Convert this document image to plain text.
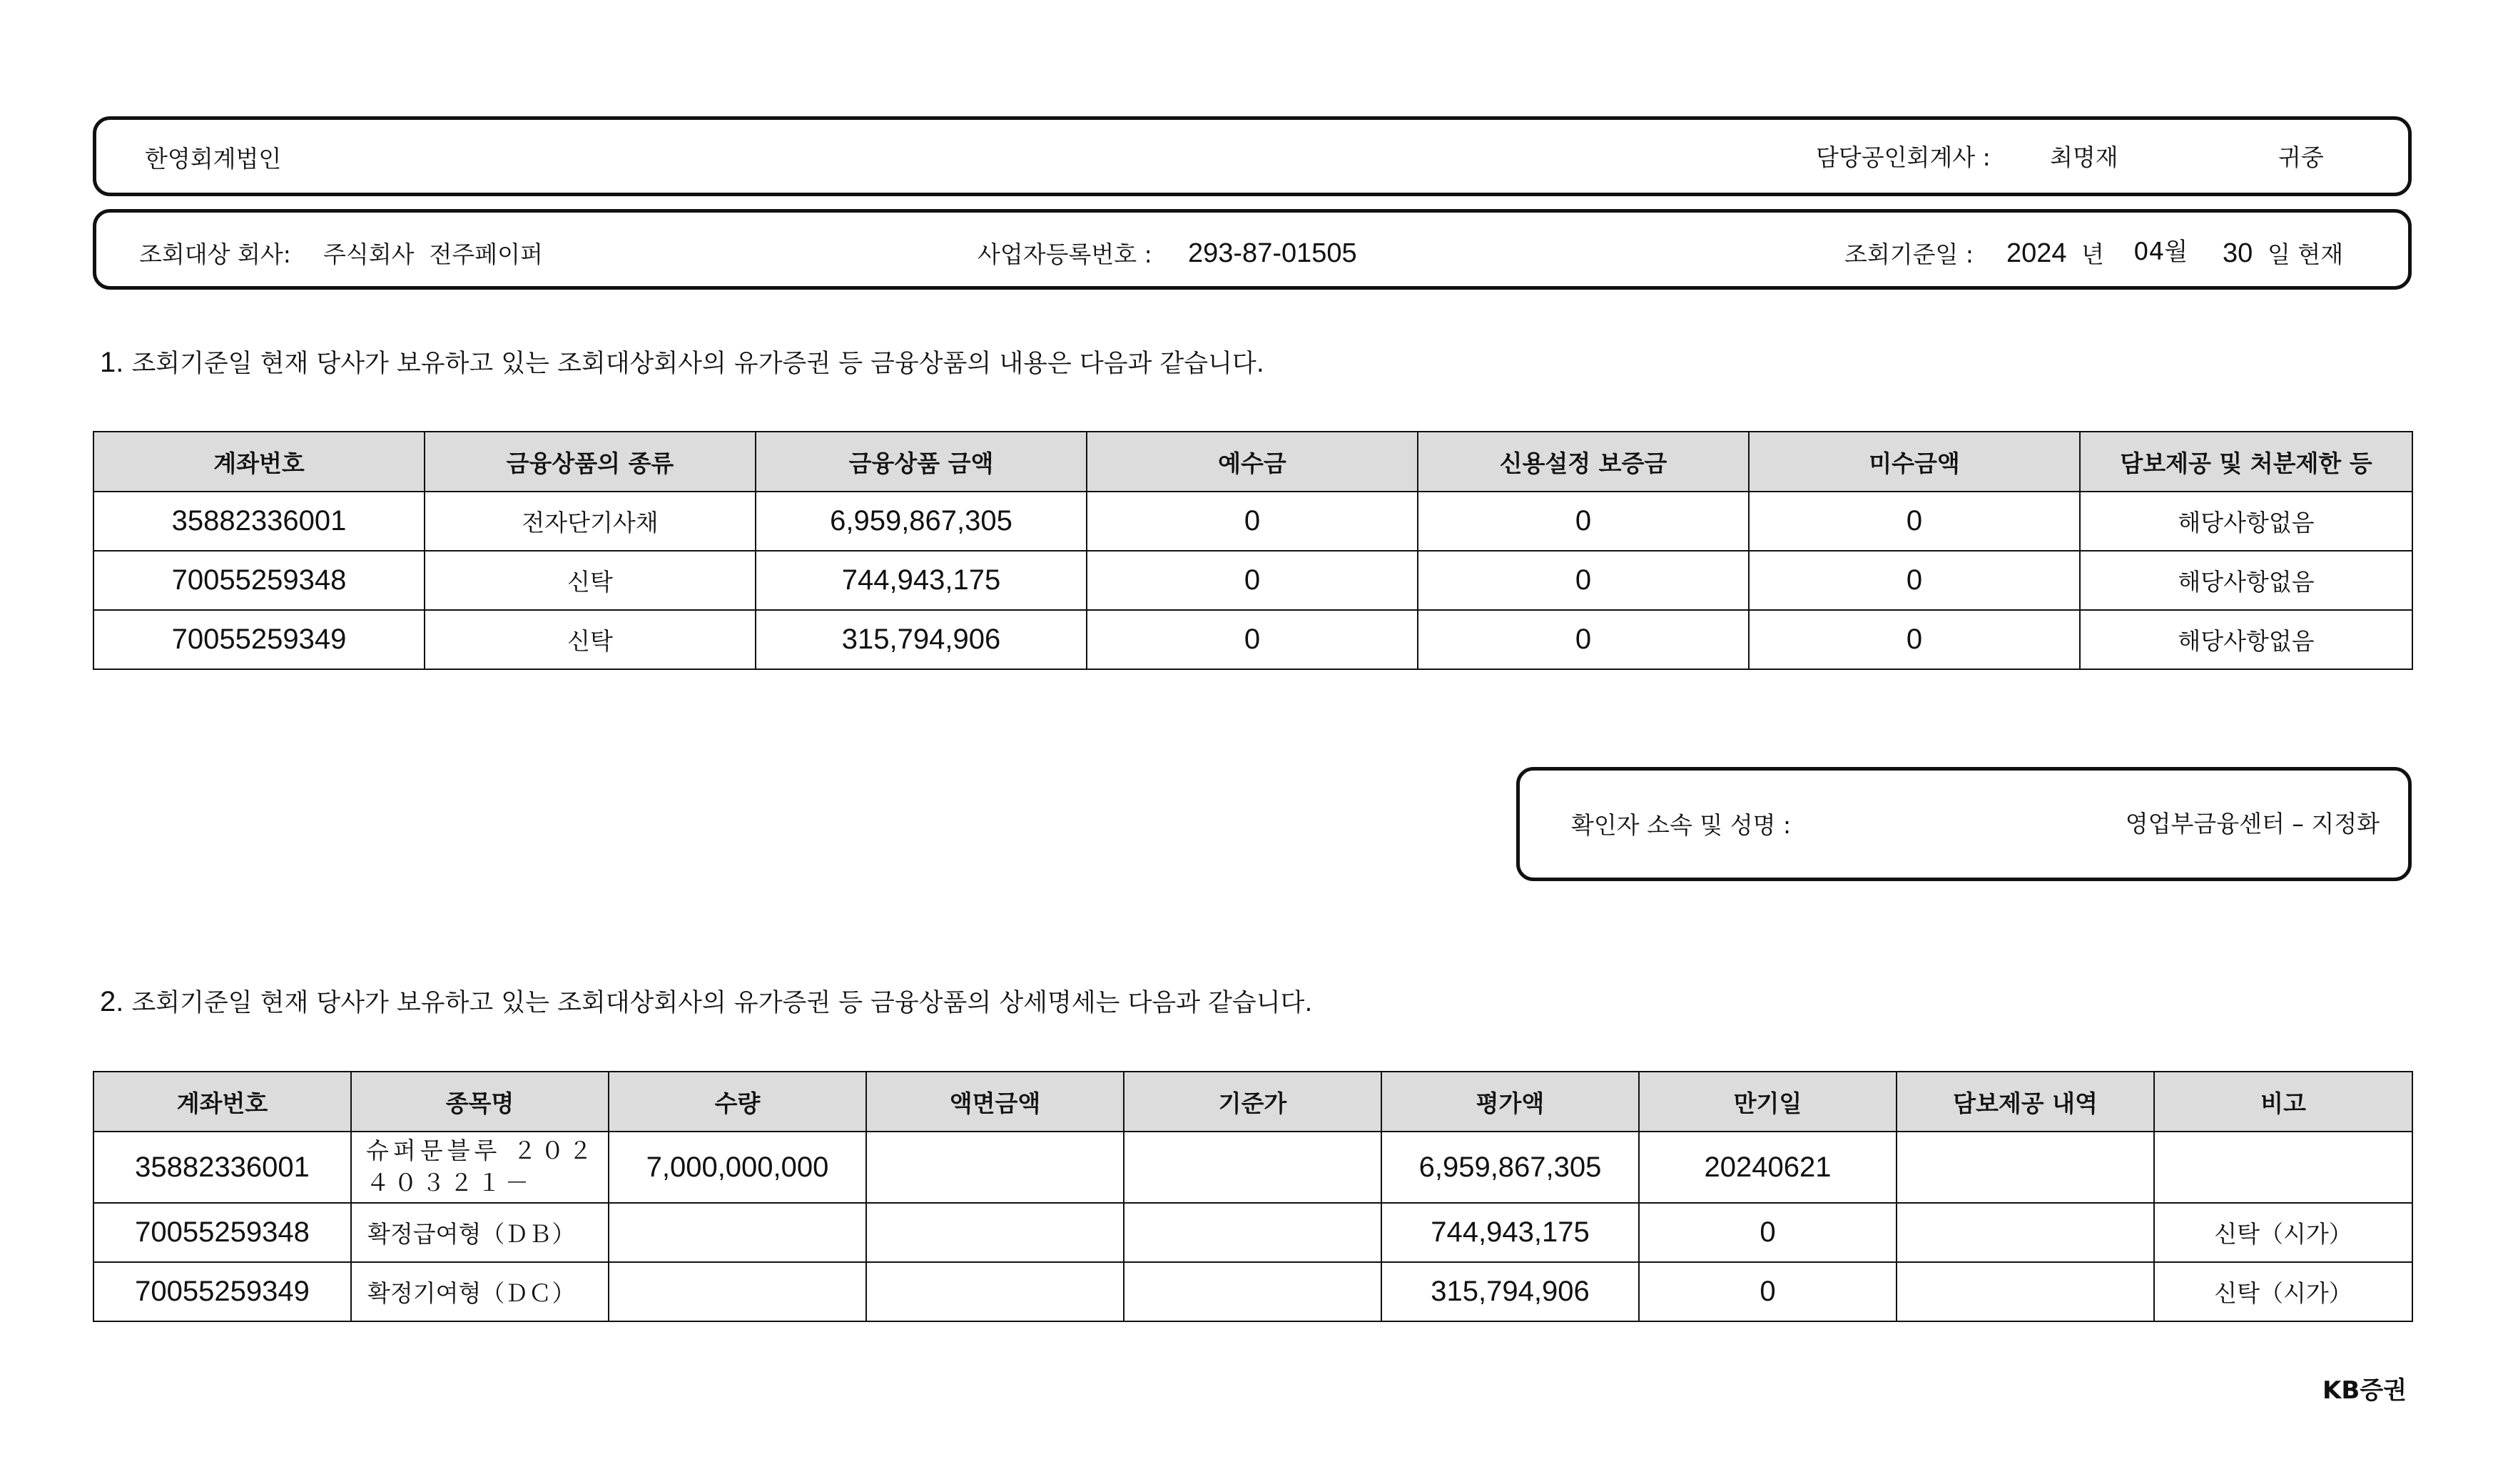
한영회계법인	담당공인회계사 :	최명재	귀중
조회대상 회사: 주식회사  전주페이퍼	사업자등록번호 : 293-87-01505	조회기준일 : 2024 년 04월 30 일 현재
1. 조회기준일 현재 당사가 보유하고 있는 조회대상회사의 유가증권 등 금융상품의 내용은 다음과 같습니다.
계좌번호	금융상품의 종류	금융상품 금액	예수금	신용설정 보증금	미수금액	담보제공 및 처분제한 등
35882336001	전자단기사채	6,959,867,305	0	0	0	해당사항없음
70055259348	신탁	744,943,175	0	0	0	해당사항없음
70055259349	신탁	315,794,906	0	0	0	해당사항없음
확인자 소속 및 성명 :	영업부금융센터 – 지정화
2. 조회기준일 현재 당사가 보유하고 있는 조회대상회사의 유가증권 등 금융상품의 상세명세는 다음과 같습니다.
계좌번호	종목명	수량	액면금액	기준가	평가액	만기일	담보제공 내역	비고
35882336001	슈퍼문블루 ２０２４０３２１－	7,000,000,000			6,959,867,305	20240621		
70055259348	확정급여형（ＤＢ）				744,943,175	0		신탁（시가）
70055259349	확정기여형（ＤＣ）				315,794,906	0		신탁（시가）
KB증권
